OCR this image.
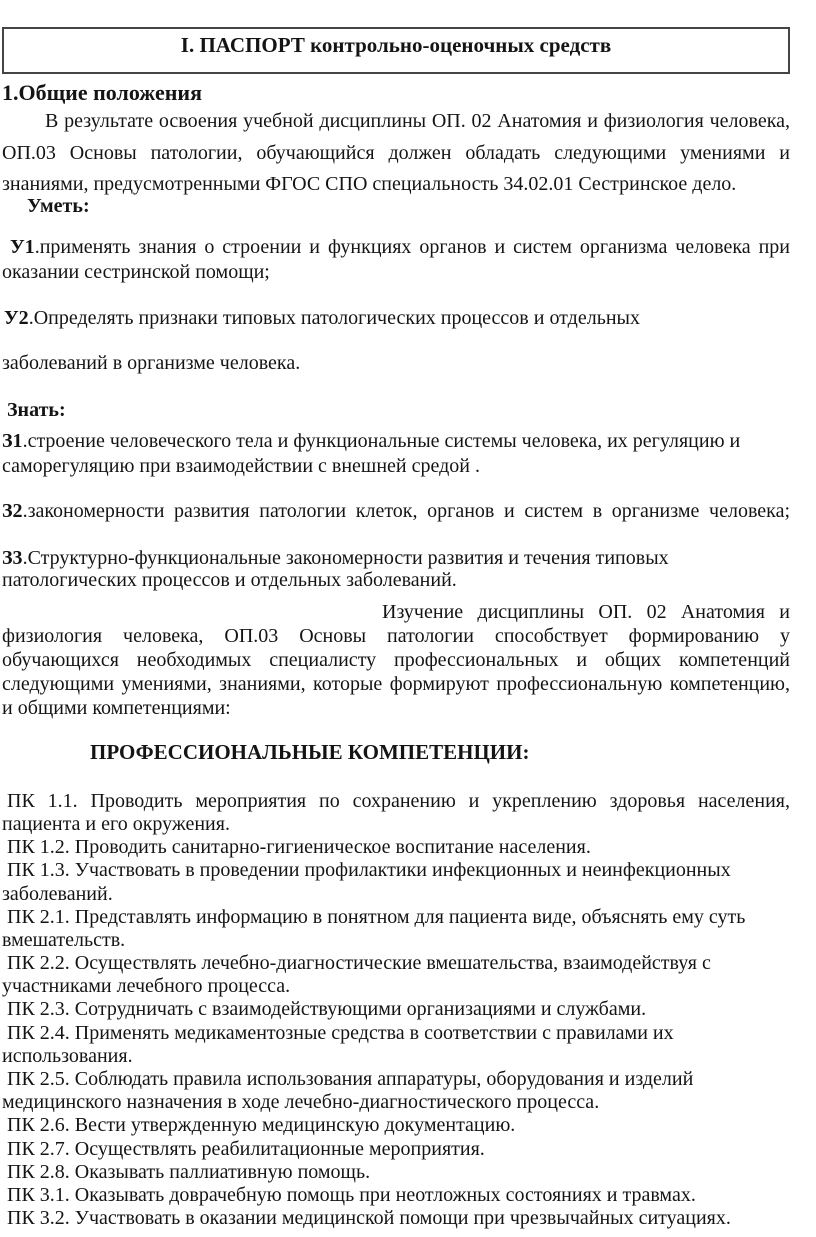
I. ПАСПОРТ контрольно-оценочных средств
1.Общие положения
В результате освоения учебной дисциплины ОП. 02 Анатомия и физиология человека,
ОП.03 Основы патологии, обучающийся должен обладать следующими умениями и
знаниями, предусмотренными ФГОС СПО специальность 34.02.01 Сестринское дело.
Уметь:
У1.применять знания о строении и функциях органов и систем организма человека при
оказании сестринской помощи;
У2.Определять признаки типовых патологических процессов и отдельных
заболеваний в организме человека.
Знать:
З1.строение человеческого тела и функциональные системы человека, их регуляцию и
саморегуляцию при взаимодействии с внешней средой .
З2.закономерности развития патологии клеток, органов и систем в организме человека;
З3.Структурно-функциональные закономерности развития и течения типовых
патологических процессов и отдельных заболеваний.
Изучение дисциплины ОП. 02 Анатомия и
физиология человека, ОП.03 Основы патологии способствует формированию у
обучающихся необходимых специалисту профессиональных и общих компетенций
следующими умениями, знаниями, которые формируют профессиональную компетенцию,
и общими компетенциями:
ПРОФЕССИОНАЛЬНЫЕ КОМПЕТЕНЦИИ:
ПК 1.1. Проводить мероприятия по сохранению и укреплению здоровья населения,
пациента и его окружения.
ПК 1.2. Проводить санитарно-гигиеническое воспитание населения.
ПК 1.3. Участвовать в проведении профилактики инфекционных и неинфекционных
заболеваний.
ПК 2.1. Представлять информацию в понятном для пациента виде, объяснять ему суть
вмешательств.
ПК 2.2. Осуществлять лечебно-диагностические вмешательства, взаимодействуя с
участниками лечебного процесса.
ПК 2.3. Сотрудничать с взаимодействующими организациями и службами.
ПК 2.4. Применять медикаментозные средства в соответствии с правилами их
использования.
ПК 2.5. Соблюдать правила использования аппаратуры, оборудования и изделий
медицинского назначения в ходе лечебно-диагностического процесса.
ПК 2.6. Вести утвержденную медицинскую документацию.
ПК 2.7. Осуществлять реабилитационные мероприятия.
ПК 2.8. Оказывать паллиативную помощь.
ПК 3.1. Оказывать доврачебную помощь при неотложных состояниях и травмах.
ПК 3.2. Участвовать в оказании медицинской помощи при чрезвычайных ситуациях.
